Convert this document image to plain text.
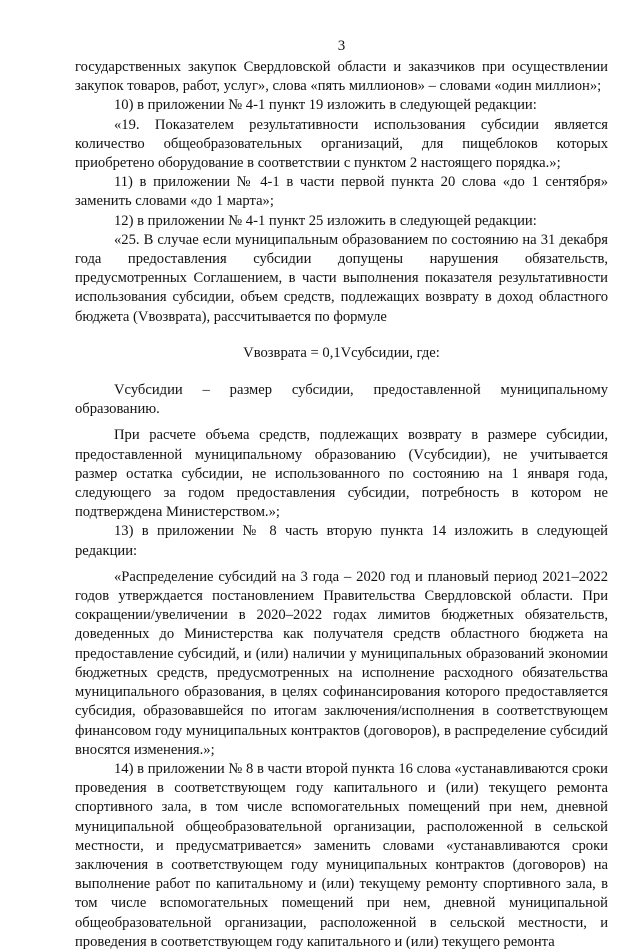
3

государственных закупок Свердловской области и заказчиков при осуществлении закупок товаров, работ, услуг», слова «пять миллионов» – словами «один миллион»;

10) в приложении № 4-1 пункт 19 изложить в следующей редакции:

«19. Показателем результативности использования субсидии является количество общеобразовательных организаций, для пищеблоков которых приобретено оборудование в соответствии с пунктом 2 настоящего порядка.»;

11) в приложении № 4-1 в части первой пункта 20 слова «до 1 сентября» заменить словами «до 1 марта»;

12) в приложении № 4-1 пункт 25 изложить в следующей редакции:

«25. В случае если муниципальным образованием по состоянию на 31 декабря года предоставления субсидии допущены нарушения обязательств, предусмотренных Соглашением, в части выполнения показателя результативности использования субсидии, объем средств, подлежащих возврату в доход областного бюджета (Vвозврата), рассчитывается по формуле

Vвозврата = 0,1Vсубсидии, где:

Vсубсидии – размер субсидии, предоставленной муниципальному образованию.

При расчете объема средств, подлежащих возврату в размере субсидии, предоставленной муниципальному образованию (Vсубсидии), не учитывается размер остатка субсидии, не использованного по состоянию на 1 января года, следующего за годом предоставления субсидии, потребность в котором не подтверждена Министерством.»;

13) в приложении № 8 часть вторую пункта 14 изложить в следующей редакции:

«Распределение субсидий на 3 года – 2020 год и плановый период 2021–2022 годов утверждается постановлением Правительства Свердловской области. При сокращении/увеличении в 2020–2022 годах лимитов бюджетных обязательств, доведенных до Министерства как получателя средств областного бюджета на предоставление субсидий, и (или) наличии у муниципальных образований экономии бюджетных средств, предусмотренных на исполнение расходного обязательства муниципального образования, в целях софинансирования которого предоставляется субсидия, образовавшейся по итогам заключения/исполнения в соответствующем финансовом году муниципальных контрактов (договоров), в распределение субсидий вносятся изменения.»;

14) в приложении № 8 в части второй пункта 16 слова «устанавливаются сроки проведения в соответствующем году капитального и (или) текущего ремонта спортивного зала, в том числе вспомогательных помещений при нем, дневной муниципальной общеобразовательной организации, расположенной в сельской местности, и предусматривается» заменить словами «устанавливаются сроки заключения в соответствующем году муниципальных контрактов (договоров) на выполнение работ по капитальному и (или) текущему ремонту спортивного зала, в том числе вспомогательных помещений при нем, дневной муниципальной общеобразовательной организации, расположенной в сельской местности, и проведения в соответствующем году капитального и (или) текущего ремонта
